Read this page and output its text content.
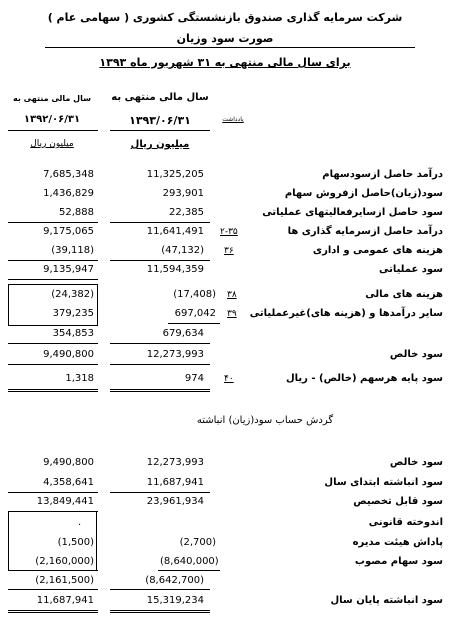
شرکت سرمایه گذاری صندوق بازنشستگی کشوری ( سهامی عام )
صورت سود وزیان
برای سال مالی منتهی به ۳۱ شهریور ماه ۱۳۹۳
سال مالی منتهی به
۱۳۹۳/۰۶/۳۱
میلیون ریال
سال مالی منتهی به
۱۳۹۲/۰۶/۳۱
میلیون ریال
یادداشت
درآمد حاصل ازسودسهام
11,325,205
7,685,348
سود(زیان)حاصل ازفروش سهام
293,901
1,436,829
سود حاصل ازسایرفعالیتهای عملیاتی
22,385
52,888
درآمد حاصل ازسرمایه گذاری ها
۲-۳۵
11,641,491
9,175,065
هزینه های عمومی و اداری
۳۶
(47,132)
(39,118)
سود عملیاتی
11,594,359
9,135,947
هزینه های مالی
۳۸
(17,408)
(24,382)
سایر درآمدها و (هزینه های)غیرعملیاتی
۳۹
697,042
379,235
679,634
354,853
سود خالص
12,273,993
9,490,800
سود پایه هرسهم (خالص) - ریال
۴۰
974
1,318
گردش حساب سود(زیان) انباشته
سود خالص
12,273,993
9,490,800
سود انباشته ابتدای سال
11,687,941
4,358,641
سود قابل تخصیص
23,961,934
13,849,441
.	اندوخته قانونی
پاداش هیئت مدیره
(2,700)
(1,500)
سود سهام مصوب
(8,640,000)
(2,160,000)
(8,642,700)
(2,161,500)
سود انباشته پایان سال
15,319,234
11,687,941
